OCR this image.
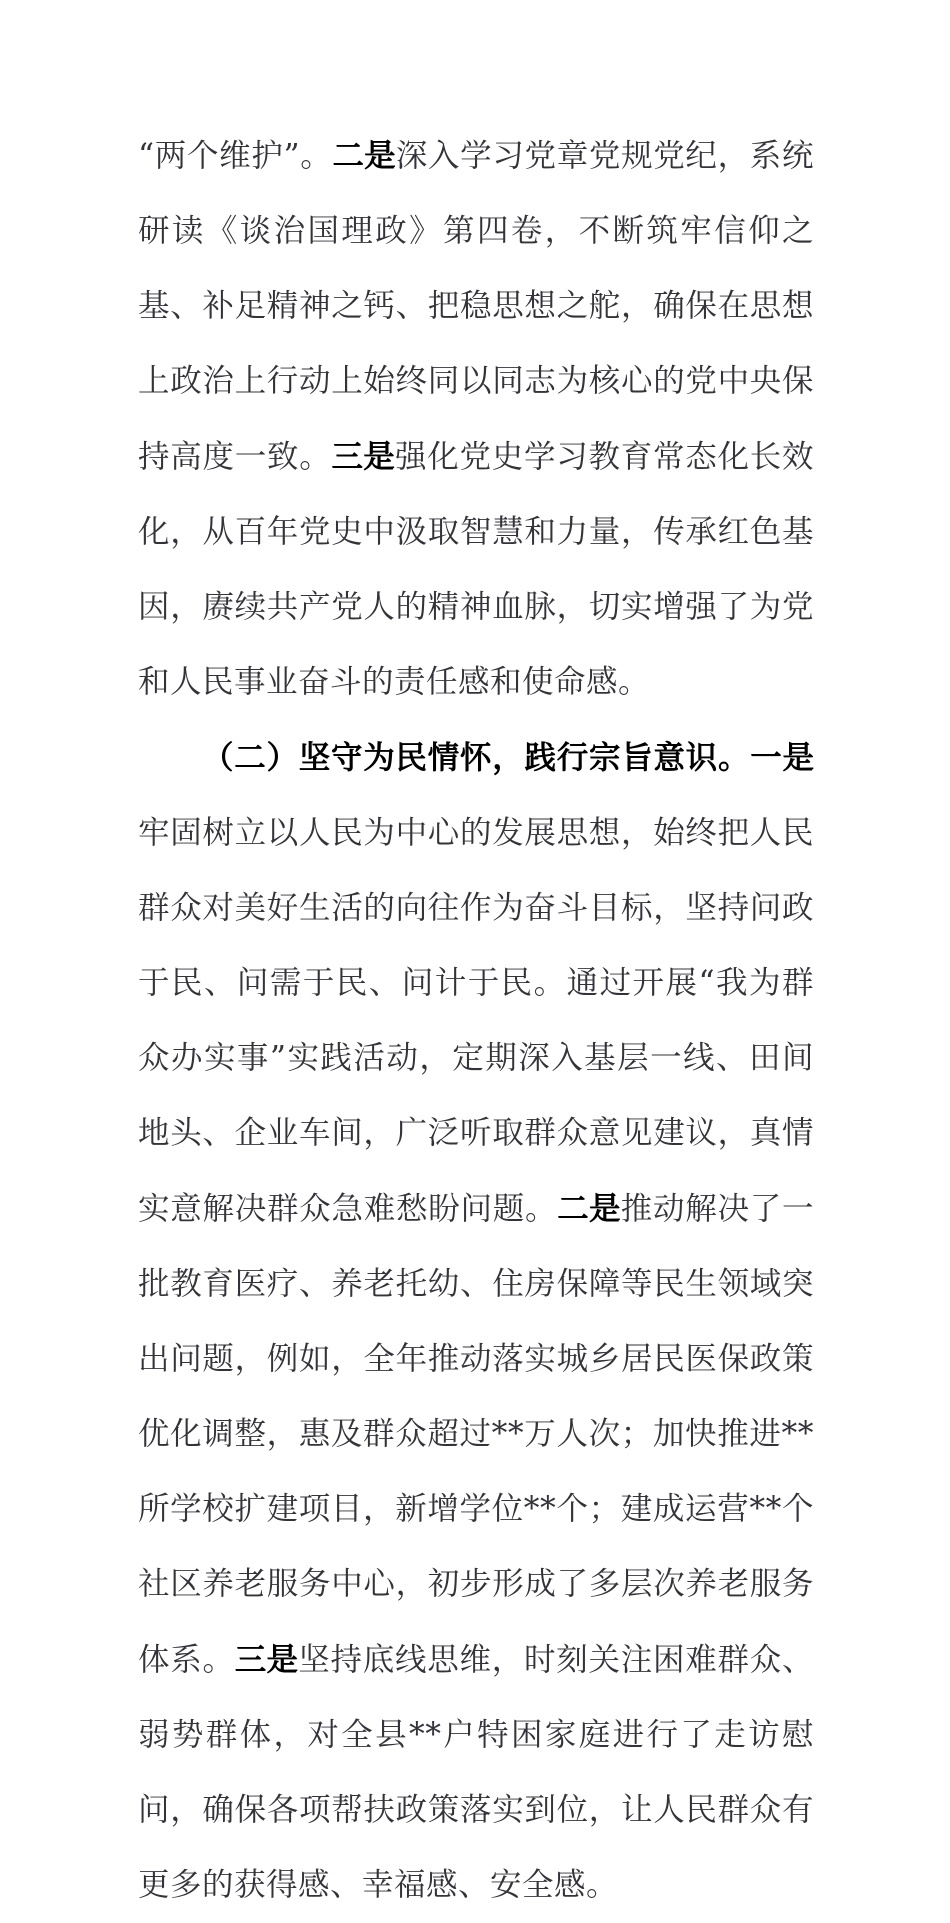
“两个维护”。二是深入学习党章党规党纪，系统研读《谈治国理政》第四卷，不断筑牢信仰之基、补足精神之钙、把稳思想之舵，确保在思想上政治上行动上始终同以同志为核心的党中央保持高度一致。三是强化党史学习教育常态化长效化，从百年党史中汲取智慧和力量，传承红色基因，赓续共产党人的精神血脉，切实增强了为党和人民事业奋斗的责任感和使命感。

（二）坚守为民情怀，践行宗旨意识。一是牢固树立以人民为中心的发展思想，始终把人民群众对美好生活的向往作为奋斗目标，坚持问政于民、问需于民、问计于民。通过开展“我为群众办实事”实践活动，定期深入基层一线、田间地头、企业车间，广泛听取群众意见建议，真情实意解决群众急难愁盼问题。二是推动解决了一批教育医疗、养老托幼、住房保障等民生领域突出问题，例如，全年推动落实城乡居民医保政策优化调整，惠及群众超过**万人次；加快推进**所学校扩建项目，新增学位**个；建成运营**个社区养老服务中心，初步形成了多层次养老服务体系。三是坚持底线思维，时刻关注困难群众、弱势群体，对全县**户特困家庭进行了走访慰问，确保各项帮扶政策落实到位，让人民群众有更多的获得感、幸福感、安全感。
